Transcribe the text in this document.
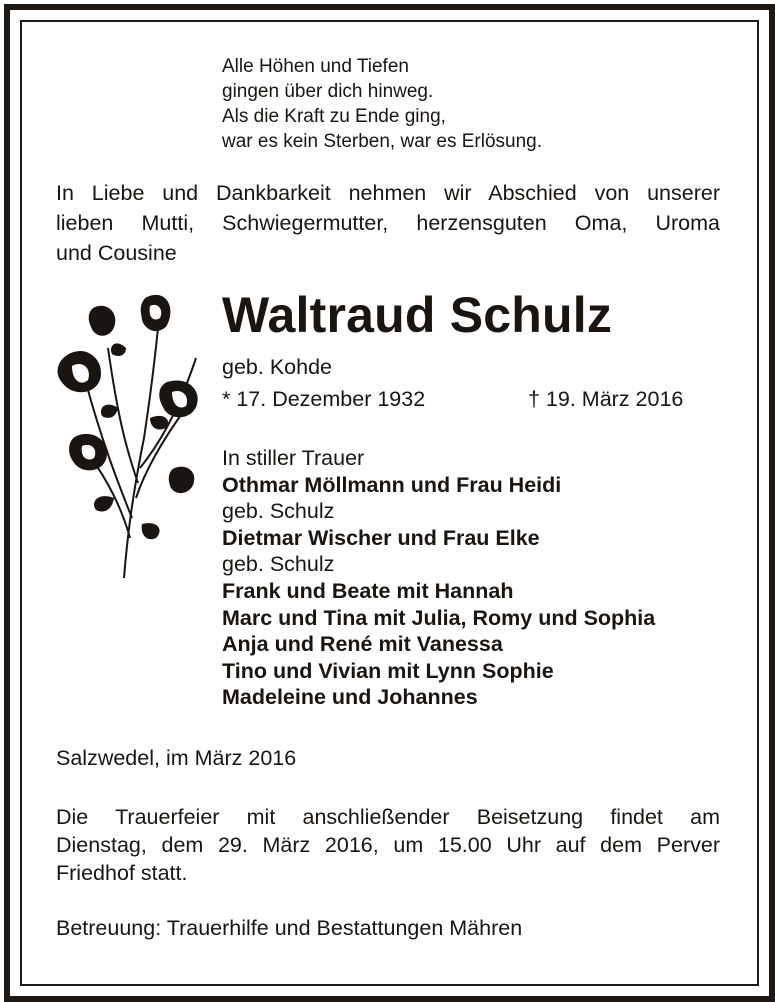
Alle Höhen und Tiefen
gingen über dich hinweg.
Als die Kraft zu Ende ging,
war es kein Sterben, war es Erlösung.
In Liebe und Dankbarkeit nehmen wir Abschied von unserer
lieben Mutti, Schwiegermutter, herzensguten Oma, Uroma
und Cousine
Waltraud Schulz
geb. Kohde
* 17. Dezember 1932	† 19. März 2016
In stiller Trauer
Othmar Möllmann und Frau Heidi
geb. Schulz
Dietmar Wischer und Frau Elke
geb. Schulz
Frank und Beate mit Hannah
Marc und Tina mit Julia, Romy und Sophia
Anja und René mit Vanessa
Tino und Vivian mit Lynn Sophie
Madeleine und Johannes
Salzwedel, im März 2016
Die Trauerfeier mit anschließender Beisetzung findet am
Dienstag, dem 29. März 2016, um 15.00 Uhr auf dem Perver
Friedhof statt.
Betreuung: Trauerhilfe und Bestattungen Mähren
